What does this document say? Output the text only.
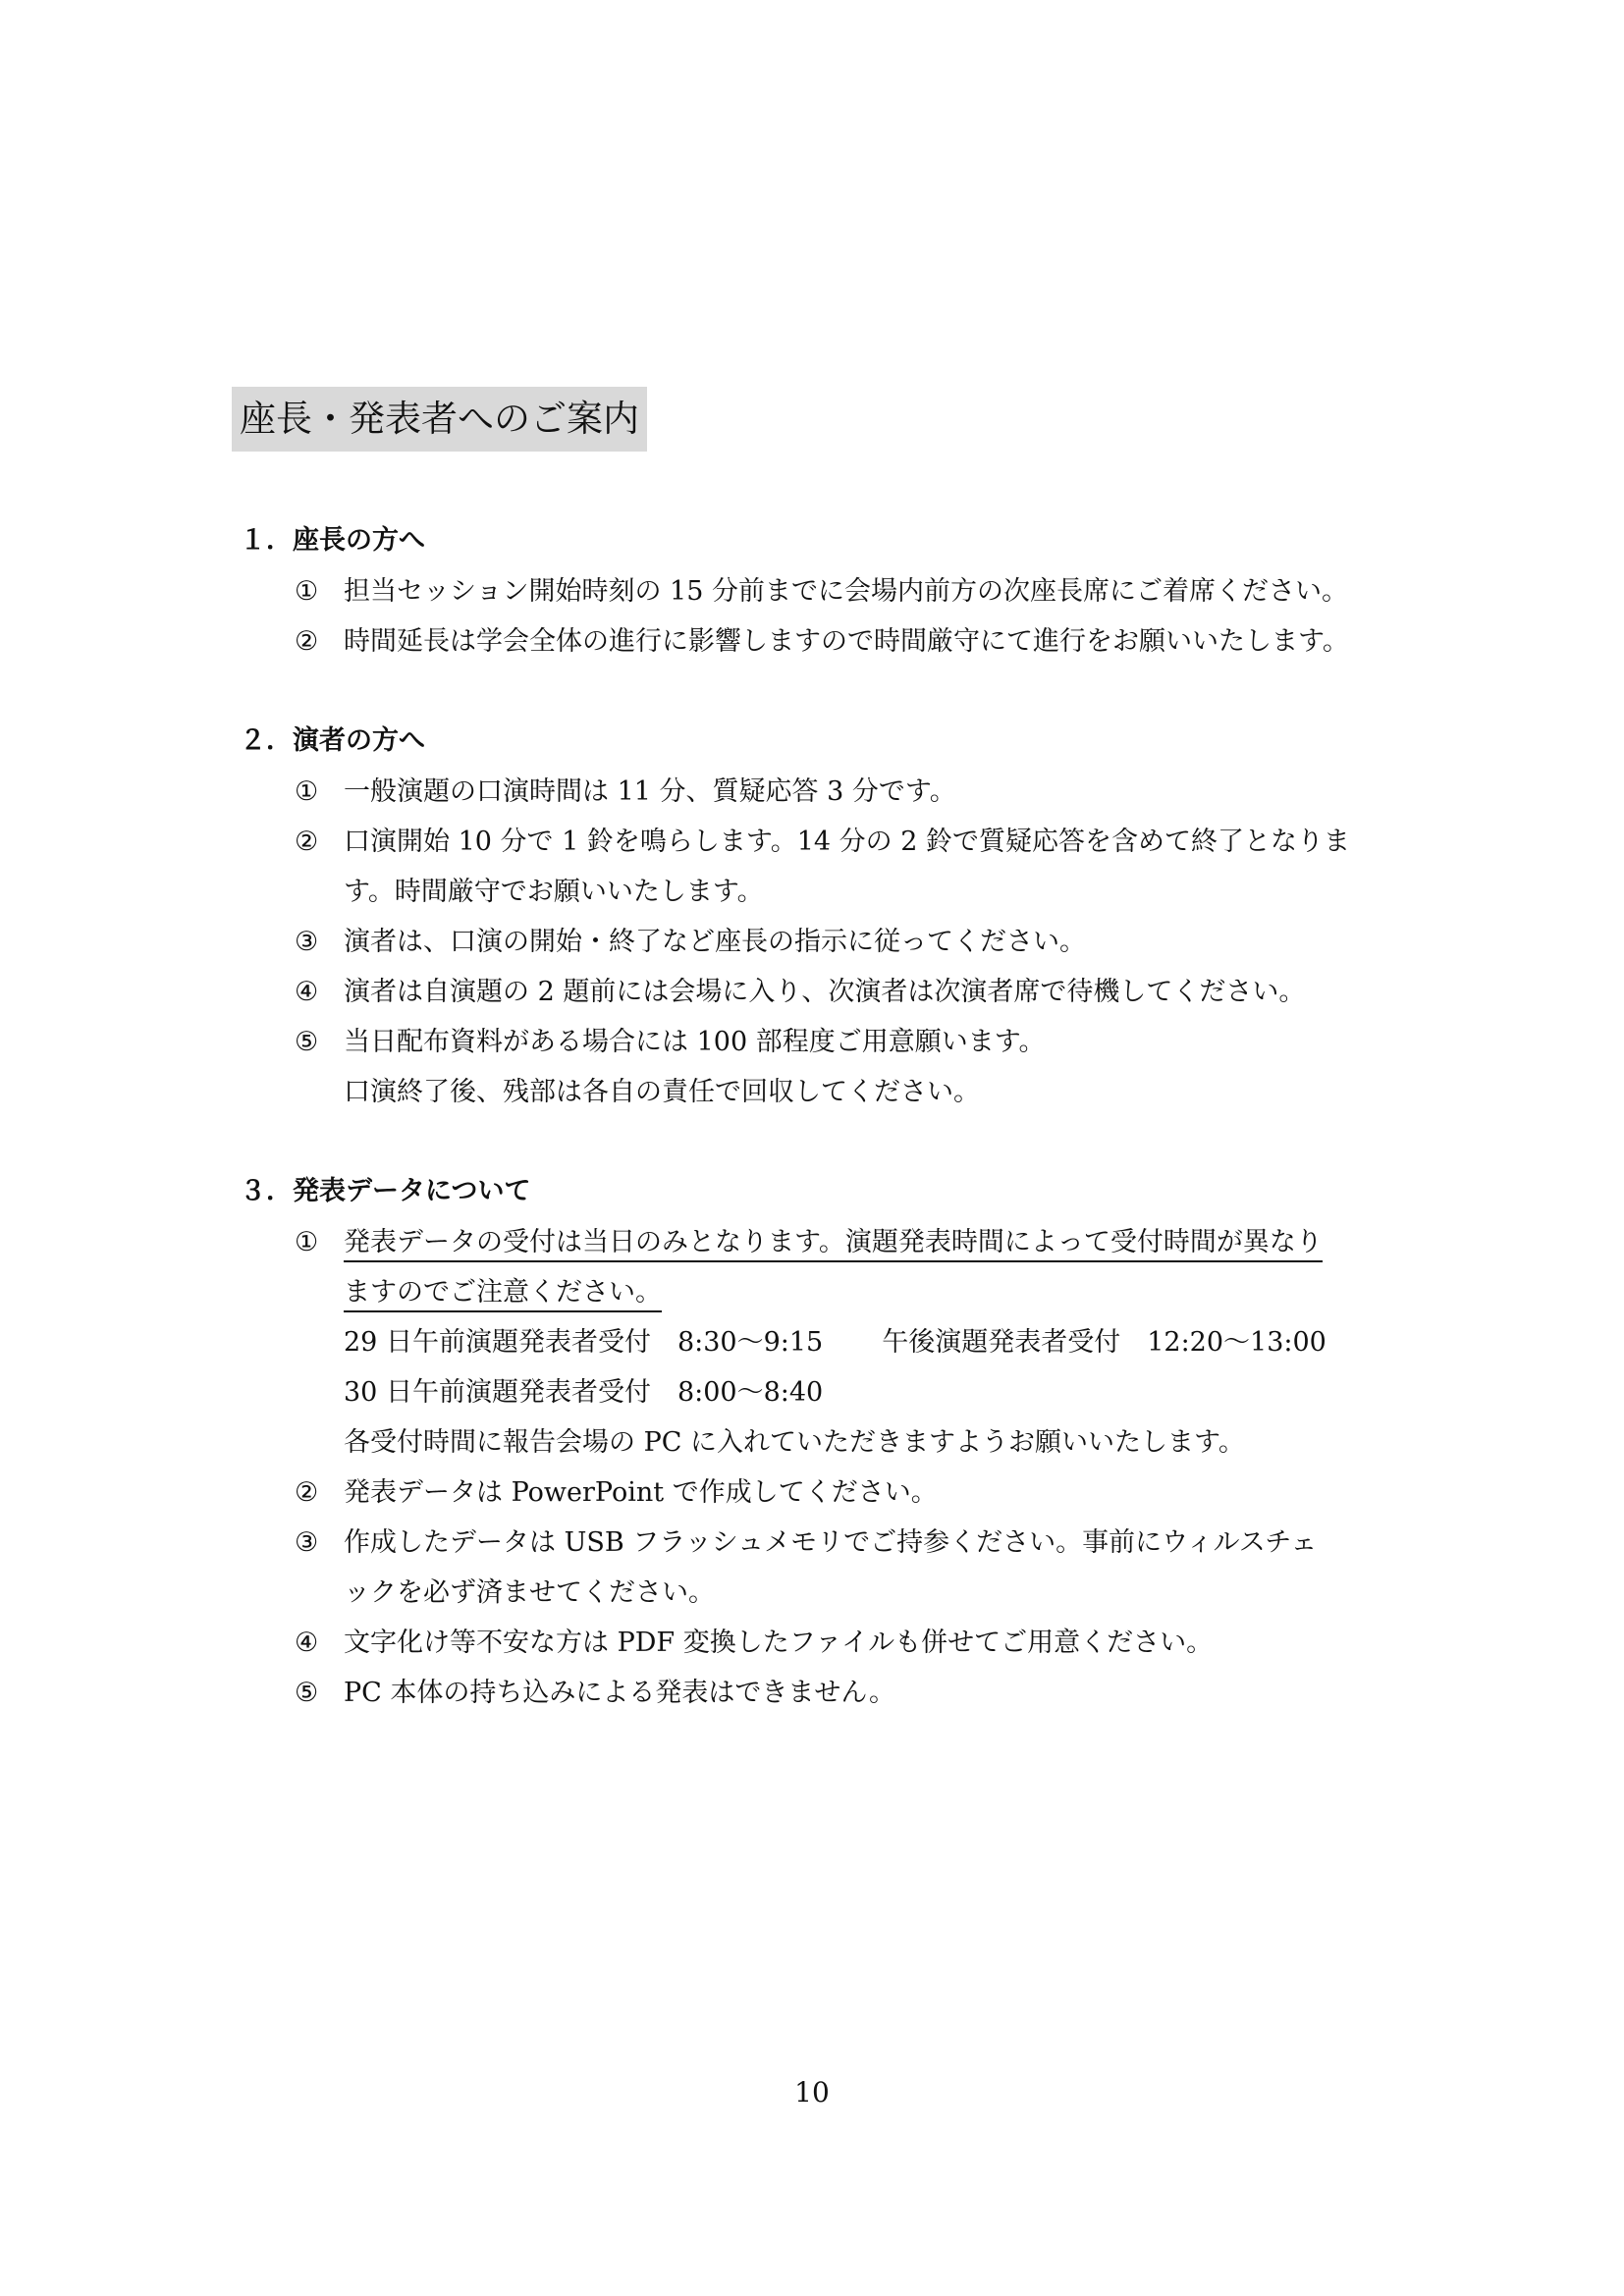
座長・発表者へのご案内
１．座長の方へ
① 担当セッション開始時刻の 15 分前までに会場内前方の次座長席にご着席ください。
② 時間延長は学会全体の進行に影響しますので時間厳守にて進行をお願いいたします。
２．演者の方へ
① 一般演題の口演時間は 11 分、質疑応答 3 分です。
② 口演開始 10 分で 1 鈴を鳴らします。14 分の 2 鈴で質疑応答を含めて終了となりま
す。時間厳守でお願いいたします。
③ 演者は、口演の開始・終了など座長の指示に従ってください。
④ 演者は自演題の 2 題前には会場に入り、次演者は次演者席で待機してください。
⑤ 当日配布資料がある場合には 100 部程度ご用意願います。
口演終了後、残部は各自の責任で回収してください。
３．発表データについて
① 発表データの受付は当日のみとなります。演題発表時間によって受付時間が異なり
ますのでご注意ください。
29 日午前演題発表者受付　 8:30～9:15 午後演題発表者受付　 12:20～13:00
30 日午前演題発表者受付　 8:00～8:40
各受付時間に報告会場の PC に入れていただきますようお願いいたします。
② 発表データは PowerPoint で作成してください。
③ 作成したデータは USB フラッシュメモリでご持参ください。事前にウィルスチェ
ックを必ず済ませてください。
④ 文字化け等不安な方は PDF 変換したファイルも併せてご用意ください。
⑤ PC 本体の持ち込みによる発表はできません。
10
